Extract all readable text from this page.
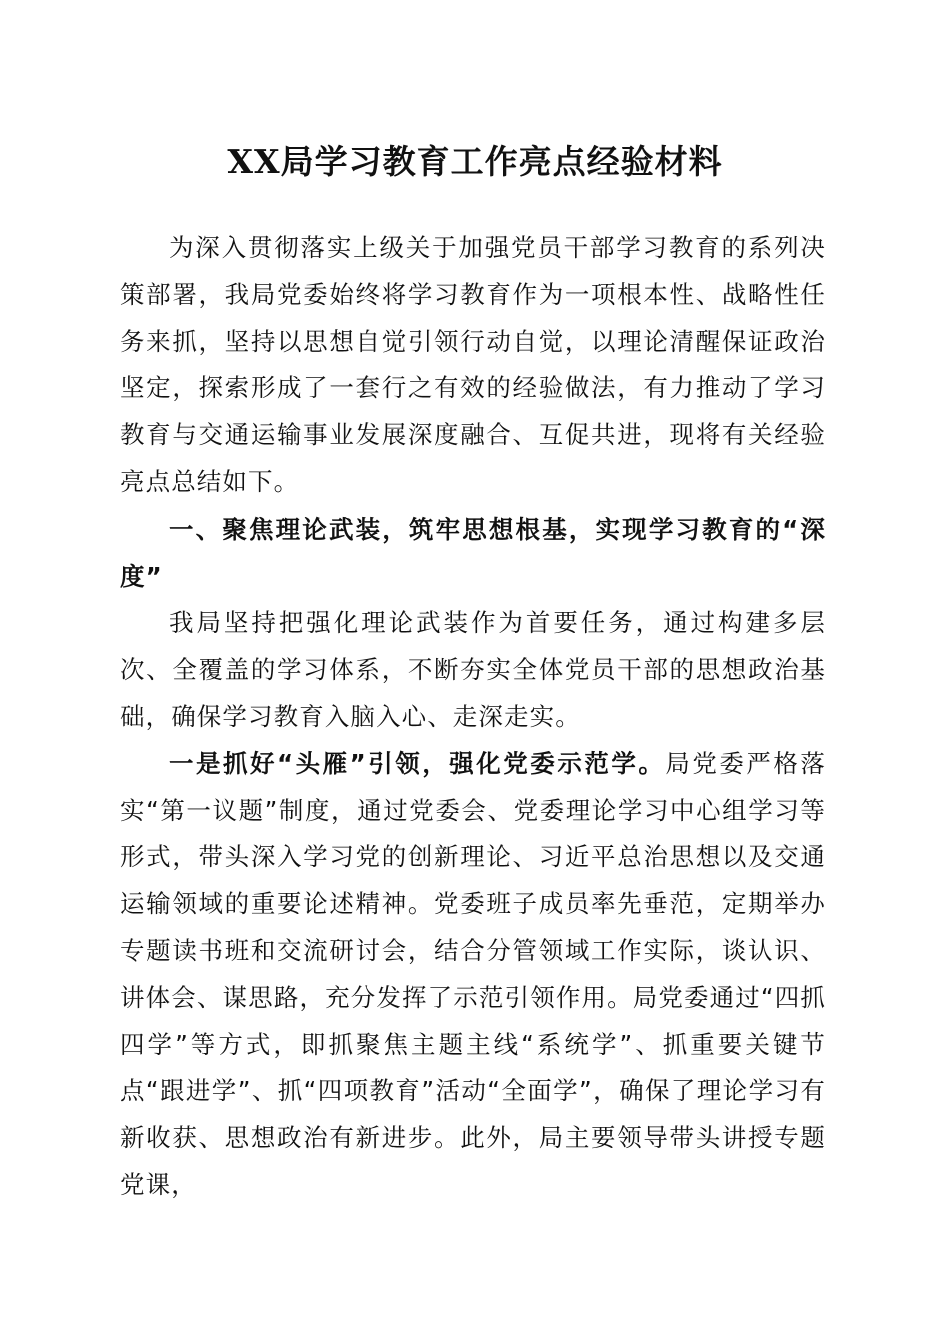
XX局学习教育工作亮点经验材料

为深入贯彻落实上级关于加强党员干部学习教育的系列决策部署，我局党委始终将学习教育作为一项根本性、战略性任务来抓，坚持以思想自觉引领行动自觉，以理论清醒保证政治坚定，探索形成了一套行之有效的经验做法，有力推动了学习教育与交通运输事业发展深度融合、互促共进，现将有关经验亮点总结如下。

一、聚焦理论武装，筑牢思想根基，实现学习教育的“深度”

我局坚持把强化理论武装作为首要任务，通过构建多层次、全覆盖的学习体系，不断夯实全体党员干部的思想政治基础，确保学习教育入脑入心、走深走实。

一是抓好“头雁”引领，强化党委示范学。局党委严格落实“第一议题”制度，通过党委会、党委理论学习中心组学习等形式，带头深入学习党的创新理论、习近平总治思想以及交通运输领域的重要论述精神。党委班子成员率先垂范，定期举办专题读书班和交流研讨会，结合分管领域工作实际，谈认识、讲体会、谋思路，充分发挥了示范引领作用。局党委通过“四抓四学”等方式，即抓聚焦主题主线“系统学”、抓重要关键节点“跟进学”、抓“四项教育”活动“全面学”，确保了理论学习有新收获、思想政治有新进步。此外，局主要领导带头讲授专题党课，
